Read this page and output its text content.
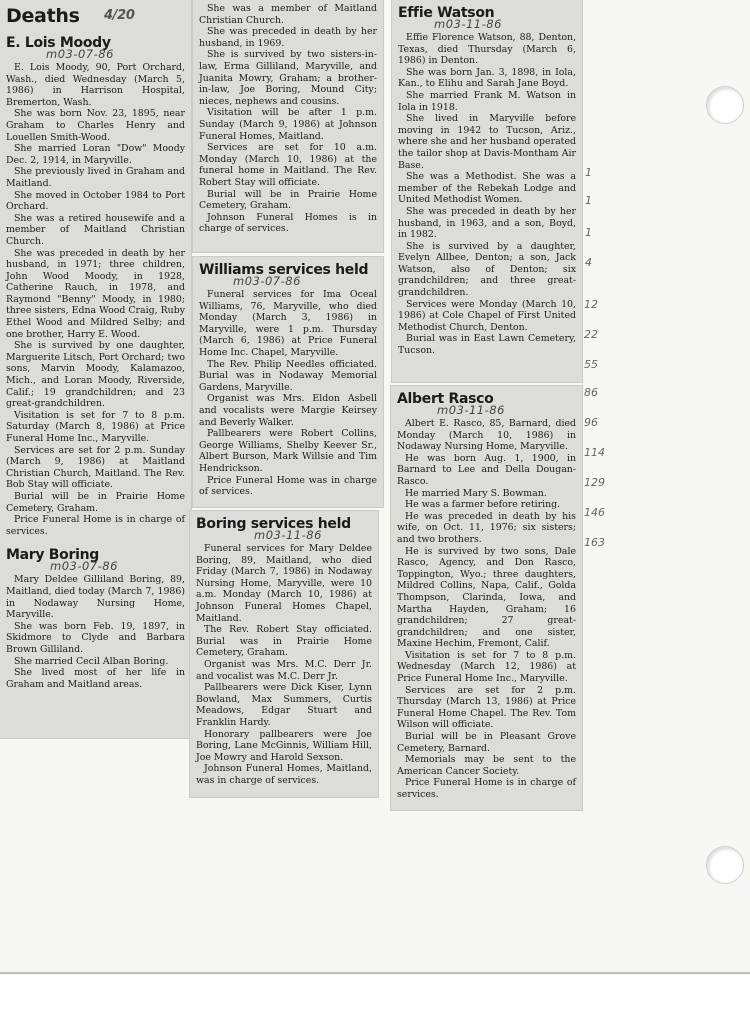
Deaths $^{4/20}$
E. Lois Moody
m03-07-86

E. Lois Moody, 90, Port Orchard, Wash., died Wednesday (March 5, 1986) in Harrison Hospital, Bremerton, Wash.

She was born Nov. 23, 1895, near Graham to Charles Henry and Louellen Smith-Wood.

She married Loran "Dow" Moody Dec. 2, 1914, in Maryville.

She previously lived in Graham and Maitland.

She moved in October 1984 to Port Orchard.

She was a retired housewife and a member of Maitland Christian Church.

She was preceded in death by her husband, in 1971; three children, John Wood Moody, in 1928, Catherine Rauch, in 1978, and Raymond "Benny" Moody, in 1980; three sisters, Edna Wood Craig, Ruby Ethel Wood and Mildred Selby; and one brother, Harry E. Wood.

She is survived by one daughter, Marguerite Litsch, Port Orchard; two sons, Marvin Moody, Kalamazoo, Mich., and Loran Moody, Riverside, Calif.; 19 grandchildren; and 23 great-grandchildren.

Visitation is set for 7 to 8 p.m. Saturday (March 8, 1986) at Price Funeral Home Inc., Maryville.

Services are set for 2 p.m. Sunday (March 9, 1986) at Maitland Christian Church, Maitland. The Rev. Bob Stay will officiate.

Burial will be in Prairie Home Cemetery, Graham.

Price Funeral Home is in charge of services.

Mary Boring
m03-07-86

Mary Deldee Gilliland Boring, 89, Maitland, died today (March 7, 1986) in Nodaway Nursing Home, Maryville.

She was born Feb. 19, 1897, in Skidmore to Clyde and Barbara Brown Gilliland.

She married Cecil Alban Boring.

She lived most of her life in Graham and Maitland areas.

She was a member of Maitland Christian Church.

She was preceded in death by her husband, in 1969.

She is survived by two sisters-in-law, Erma Gilliland, Maryville, and Juanita Mowry, Graham; a brother-in-law, Joe Boring, Mound City; nieces, nephews and cousins.

Visitation will be after 1 p.m. Sunday (March 9, 1986) at Johnson Funeral Homes, Maitland.

Services are set for 10 a.m. Monday (March 10, 1986) at the funeral home in Maitland. The Rev. Robert Stay will officiate.

Burial will be in Prairie Home Cemetery, Graham.

Johnson Funeral Homes is in charge of services.

Williams services held
m03-07-86

Funeral services for Ima Oceal Williams, 76, Maryville, who died Monday (March 3, 1986) in Maryville, were 1 p.m. Thursday (March 6, 1986) at Price Funeral Home Inc. Chapel, Maryville.

The Rev. Philip Needles officiated. Burial was in Nodaway Memorial Gardens, Maryville.

Organist was Mrs. Eldon Asbell and vocalists were Margie Keirsey and Beverly Walker.

Pallbearers were Robert Collins, George Williams, Shelby Keever Sr., Albert Burson, Mark Willsie and Tim Hendrickson.

Price Funeral Home was in charge of services.

Boring services held
m03-11-86

Funeral services for Mary Deldee Boring, 89, Maitland, who died Friday (March 7, 1986) in Nodaway Nursing Home, Maryville, were 10 a.m. Monday (March 10, 1986) at Johnson Funeral Homes Chapel, Maitland.

The Rev. Robert Stay officiated. Burial was in Prairie Home Cemetery, Graham.

Organist was Mrs. M.C. Derr Jr. and vocalist was M.C. Derr Jr.

Pallbearers were Dick Kiser, Lynn Bowland, Max Summers, Curtis Meadows, Edgar Stuart and Franklin Hardy.

Honorary pallbearers were Joe Boring, Lane McGinnis, William Hill, Joe Mowry and Harold Sexson.

Johnson Funeral Homes, Maitland, was in charge of services.

Effie Watson
m03-11-86

Effie Florence Watson, 88, Denton, Texas, died Thursday (March 6, 1986) in Denton.

She was born Jan. 3, 1898, in Iola, Kan., to Elihu and Sarah Jane Boyd.

She married Frank M. Watson in Iola in 1918.

She lived in Maryville before moving in 1942 to Tucson, Ariz., where she and her husband operated the tailor shop at Davis-Montham Air Base.

She was a Methodist. She was a member of the Rebekah Lodge and United Methodist Women.

She was preceded in death by her husband, in 1963, and a son, Boyd, in 1982.

She is survived by a daughter, Evelyn Allbee, Denton; a son, Jack Watson, also of Denton; six grandchildren; and three great-grandchildren.

Services were Monday (March 10, 1986) at Cole Chapel of First United Methodist Church, Denton.

Burial was in East Lawn Cemetery, Tucson.

Albert Rasco
m03-11-86

Albert E. Rasco, 85, Barnard, died Monday (March 10, 1986) in Nodaway Nursing Home, Maryville.

He was born Aug. 1, 1900, in Barnard to Lee and Della Dougan-Rasco.

He married Mary S. Bowman.

He was a farmer before retiring.

He was preceded in death by his wife, on Oct. 11, 1976; six sisters; and two brothers.

He is survived by two sons, Dale Rasco, Agency, and Don Rasco, Toppington, Wyo.; three daughters, Mildred Collins, Napa, Calif., Golda Thompson, Clarinda, Iowa, and Martha Hayden, Graham; 16 grandchildren; 27 great-grandchildren; and one sister, Maxine Hechim, Fremont, Calif.

Visitation is set for 7 to 8 p.m. Wednesday (March 12, 1986) at Price Funeral Home Inc., Maryville.

Services are set for 2 p.m. Thursday (March 13, 1986) at Price Funeral Home Chapel. The Rev. Tom Wilson will officiate.

Burial will be in Pleasant Grove Cemetery, Barnard.

Memorials may be sent to the American Cancer Society.

Price Funeral Home is in charge of services.

1
1
1
4
12
22
55
86
96
114
129
146
163
